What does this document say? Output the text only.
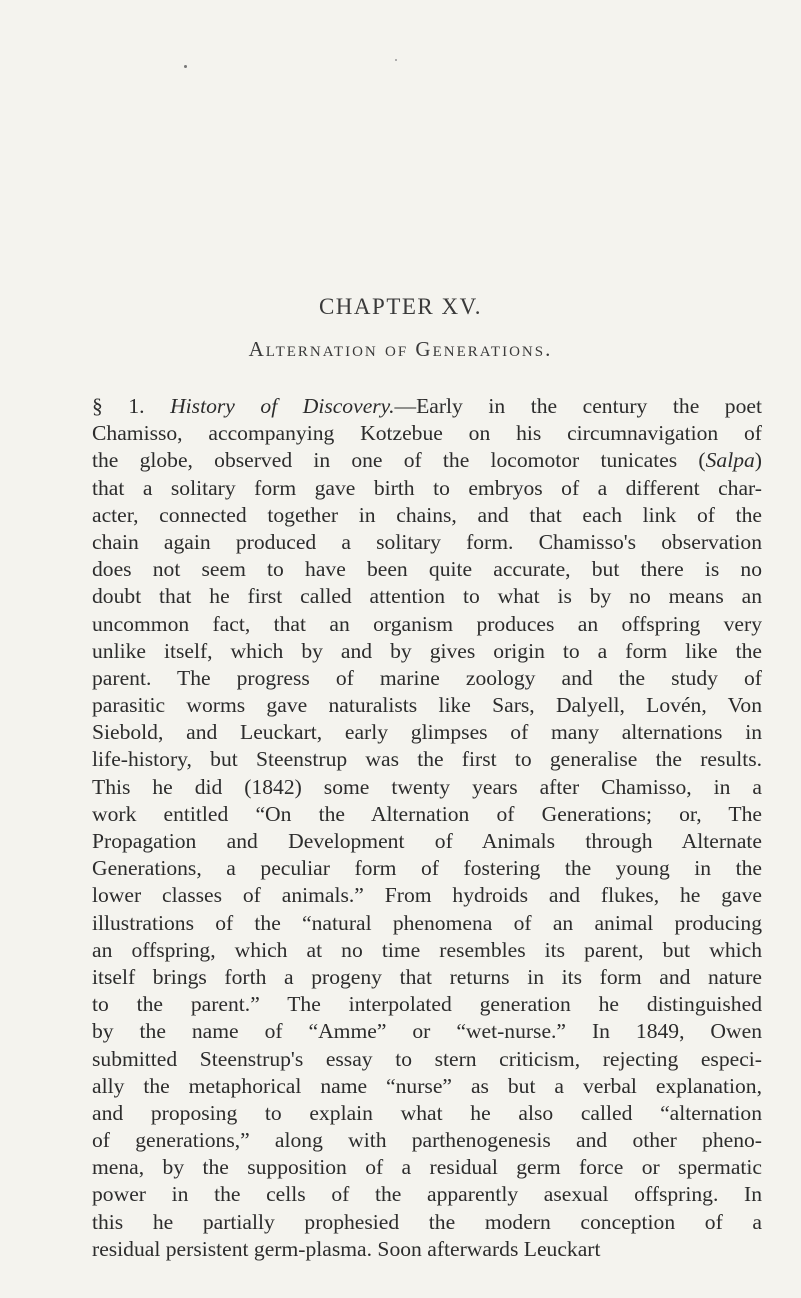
CHAPTER XV.
Alternation of Generations.
§ 1. History of Discovery.—Early in the century the poet
Chamisso, accompanying Kotzebue on his circumnavigation of
the globe, observed in one of the locomotor tunicates (Salpa)
that a solitary form gave birth to embryos of a different char-
acter, connected together in chains, and that each link of the
chain again produced a solitary form. Chamisso's observation
does not seem to have been quite accurate, but there is no
doubt that he first called attention to what is by no means an
uncommon fact, that an organism produces an offspring very
unlike itself, which by and by gives origin to a form like the
parent. The progress of marine zoology and the study of
parasitic worms gave naturalists like Sars, Dalyell, Lovén, Von
Siebold, and Leuckart, early glimpses of many alternations in
life-history, but Steenstrup was the first to generalise the results.
This he did (1842) some twenty years after Chamisso, in a
work entitled “On the Alternation of Generations; or, The
Propagation and Development of Animals through Alternate
Generations, a peculiar form of fostering the young in the
lower classes of animals.” From hydroids and flukes, he gave
illustrations of the “natural phenomena of an animal producing
an offspring, which at no time resembles its parent, but which
itself brings forth a progeny that returns in its form and nature
to the parent.” The interpolated generation he distinguished
by the name of “Amme” or “wet-nurse.” In 1849, Owen
submitted Steenstrup's essay to stern criticism, rejecting especi-
ally the metaphorical name “nurse” as but a verbal explanation,
and proposing to explain what he also called “alternation
of generations,” along with parthenogenesis and other pheno-
mena, by the supposition of a residual germ force or spermatic
power in the cells of the apparently asexual offspring. In
this he partially prophesied the modern conception of a
residual persistent germ-plasma. Soon afterwards Leuckart
